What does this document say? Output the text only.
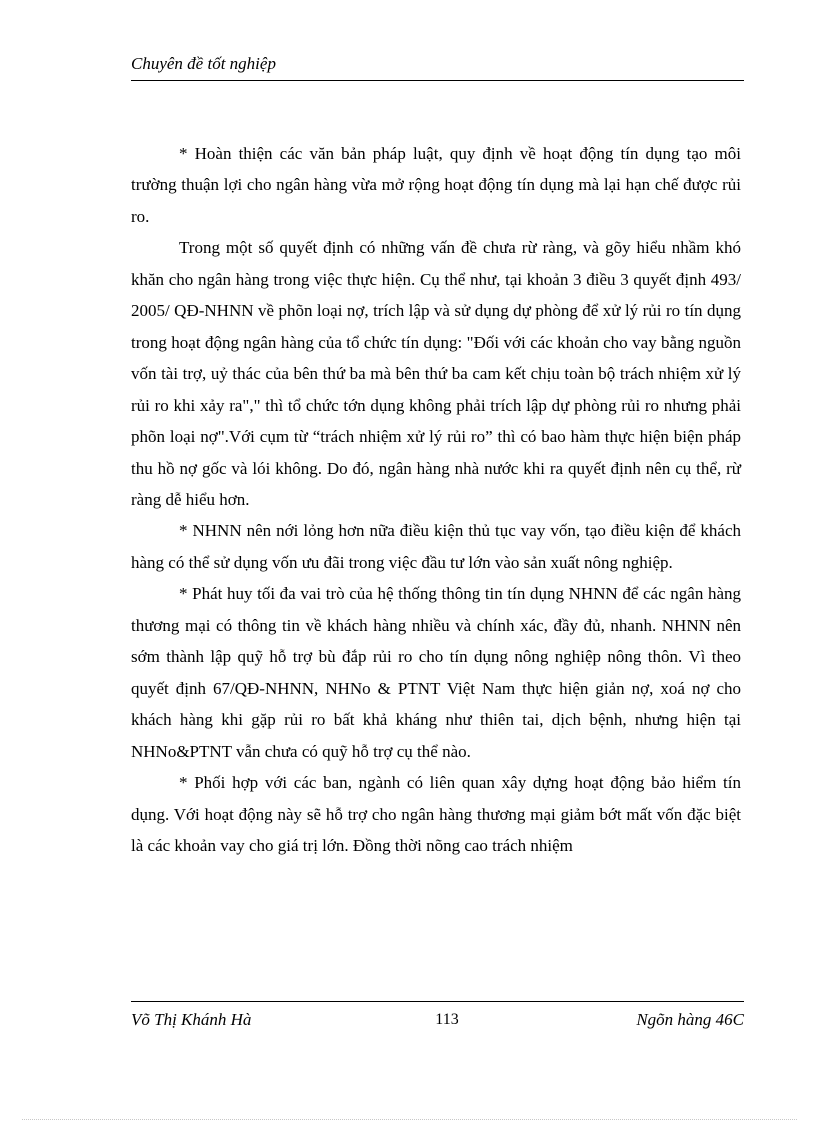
Chuyên đề tốt nghiệp

* Hoàn thiện các văn bản pháp luật, quy định về hoạt động tín dụng tạo môi trường thuận lợi cho ngân hàng vừa mở rộng hoạt động tín dụng mà lại hạn chế được rủi ro.

Trong một số quyết định có những vấn đề chưa rừ ràng, và gõy hiểu nhầm khó khăn cho ngân hàng trong việc thực hiện. Cụ thể như, tại khoản 3 điều 3 quyết định 493/ 2005/ QĐ-NHNN về phõn loại nợ, trích lập và sử dụng dự phòng để xử lý rủi ro tín dụng trong hoạt động ngân hàng của tổ chức tín dụng: "Đối với các khoản cho vay bằng nguồn vốn tài trợ, uỷ thác của bên thứ ba mà bên thứ ba cam kết chịu toàn bộ trách nhiệm xử lý rủi ro khi xảy ra"," thì tổ chức tớn dụng không phải trích lập dự phòng rủi ro nhưng phải phõn loại nợ".Với cụm từ “trách nhiệm xử lý rủi ro” thì có bao hàm thực hiện biện pháp thu hồ nợ gốc và lói không. Do đó, ngân hàng nhà nước khi ra quyết định nên cụ thể, rừ ràng dễ hiểu hơn.

* NHNN nên nới lỏng hơn nữa điều kiện thủ tục vay vốn, tạo điều kiện để khách hàng có thể sử dụng vốn ưu đãi trong việc đầu tư lớn vào sản xuất nông nghiệp.

* Phát huy tối đa vai trò của hệ thống thông tin tín dụng NHNN để các ngân hàng thương mại có thông tin về khách hàng nhiều và chính xác, đầy đủ, nhanh. NHNN nên sớm thành lập quỹ hỗ trợ bù đắp rủi ro cho tín dụng nông nghiệp nông thôn. Vì theo quyết định 67/QĐ-NHNN, NHNo & PTNT Việt Nam thực hiện giản nợ, xoá nợ cho khách hàng khi gặp rủi ro bất khả kháng như thiên tai, dịch bệnh, nhưng hiện tại NHNo&PTNT vẫn chưa có quỹ hỗ trợ cụ thể nào.

* Phối hợp với các ban, ngành có liên quan xây dựng hoạt động bảo hiểm tín dụng. Với hoạt động này sẽ hỗ trợ cho ngân hàng thương mại giảm bớt mất vốn đặc biệt là các khoản vay cho giá trị lớn. Đồng thời nõng cao trách nhiệm

Võ Thị Khánh Hà	113	Ngõn hàng 46C
